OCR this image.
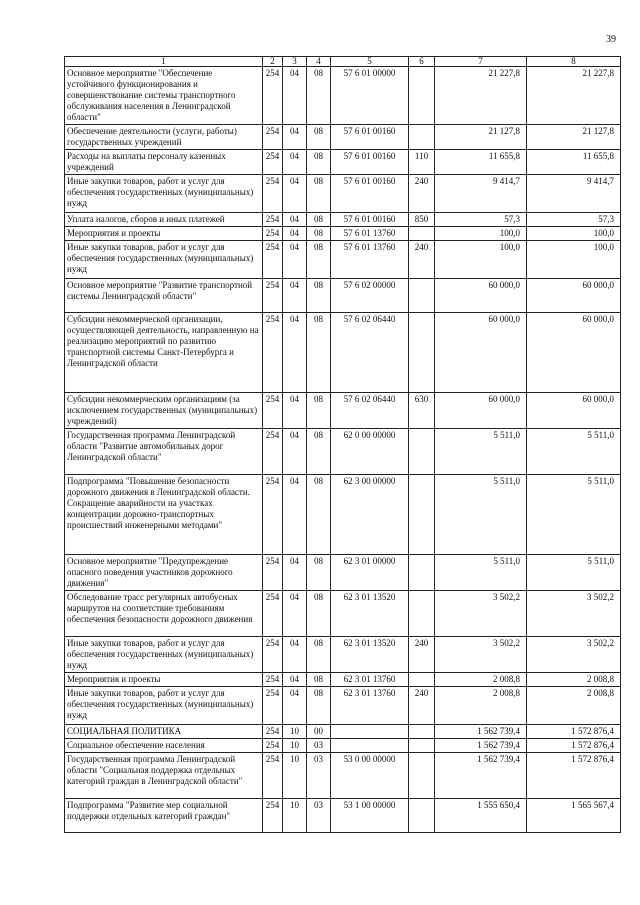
39
1	2	3	4	5	6	7	8
Основное мероприятие "Обеспечение устойчивого функционирования и совершенствование системы транспортного обслуживания населения в Ленинградской области"	254	04	08	57 6 01 00000		21 227,8	21 227,8
Обеспечение деятельности (услуги, работы) государственных учреждений	254	04	08	57 6 01 00160		21 127,8	21 127,8
Расходы на выплаты персоналу казенных учреждений	254	04	08	57 6 01 00160	110	11 655,8	11 655,8
Иные закупки товаров, работ и услуг для обеспечения государственных (муниципальных) нужд	254	04	08	57 6 01 00160	240	9 414,7	9 414,7
Уплата налогов, сборов и иных платежей	254	04	08	57 6 01 00160	850	57,3	57,3
Мероприятия и проекты	254	04	08	57 6 01 13760		100,0	100,0
Иные закупки товаров, работ и услуг для обеспечения государственных (муниципальных) нужд	254	04	08	57 6 01 13760	240	100,0	100,0
Основное мероприятие "Развитие транспортной системы Ленинградской области"	254	04	08	57 6 02 00000		60 000,0	60 000,0
Субсидии некоммерческой организации, осуществляющей деятельность, направленную на реализацию мероприятий по развитию транспортной системы Санкт-Петербурга и Ленинградской области	254	04	08	57 6 02 06440		60 000,0	60 000,0
Субсидии некоммерческим организациям (за исключением государственных (муниципальных) учреждений)	254	04	08	57 6 02 06440	630	60 000,0	60 000,0
Государственная программа Ленинградской области "Развитие автомобильных дорог Ленинградской области"	254	04	08	62 0 00 00000		5 511,0	5 511,0
Подпрограмма "Повышение безопасности дорожного движения в Ленинградской области. Сокращение аварийности на участках концентрации дорожно-транспортных происшествий инженерными методами"	254	04	08	62 3 00 00000		5 511,0	5 511,0
Основное мероприятие "Предупреждение опасного поведения участников дорожного движения"	254	04	08	62 3 01 00000		5 511,0	5 511,0
Обследование трасс регулярных автобусных маршрутов на соответствие требованиям обеспечения безопасности дорожного движения	254	04	08	62 3 01 13520		3 502,2	3 502,2
Иные закупки товаров, работ и услуг для обеспечения государственных (муниципальных) нужд	254	04	08	62 3 01 13520	240	3 502,2	3 502,2
Мероприятия и проекты	254	04	08	62 3 01 13760		2 008,8	2 008,8
Иные закупки товаров, работ и услуг для обеспечения государственных (муниципальных) нужд	254	04	08	62 3 01 13760	240	2 008,8	2 008,8
СОЦИАЛЬНАЯ ПОЛИТИКА	254	10	00			1 562 739,4	1 572 876,4
Социальное обеспечение населения	254	10	03			1 562 739,4	1 572 876,4
Государственная программа Ленинградской области "Социальная поддержка отдельных категорий граждан в Ленинградской области"	254	10	03	53 0 00 00000		1 562 739,4	1 572 876,4
Подпрограмма "Развитие мер социальной поддержки отдельных категорий граждан"	254	10	03	53 1 00 00000		1 555 650,4	1 565 567,4
